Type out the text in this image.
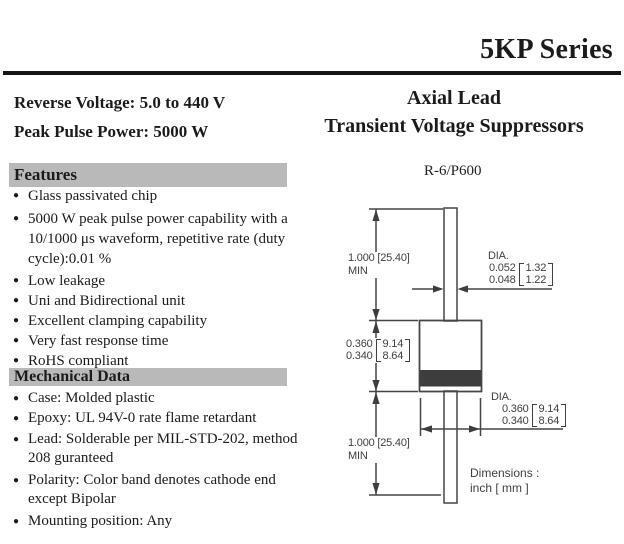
5KP Series
Reverse Voltage: 5.0 to 440 V
Peak Pulse Power: 5000 W
Axial Lead
Transient Voltage Suppressors
Features
● Glass passivated chip
● 5000 W peak pulse power capability with a
10/1000 μs waveform, repetitive rate (duty
cycle):0.01 %
● Low leakage
● Uni and Bidirectional unit
● Excellent clamping capability
● Very fast response time
● RoHS compliant
Mechanical Data
● Case: Molded plastic
● Epoxy: UL 94V-0 rate flame retardant
● Lead: Solderable per MIL-STD-202, method
208 guranteed
● Polarity: Color band denotes cathode end
except Bipolar
● Mounting position: Any
R-6/P600
1.000 [25.40]
MIN
0.360
0.340
9.14
8.64
1.000 [25.40]
MIN
DIA.
0.052
0.048
1.32
1.22
DIA.
0.360
0.340
9.14
8.64
Dimensions :
inch [ mm ]
